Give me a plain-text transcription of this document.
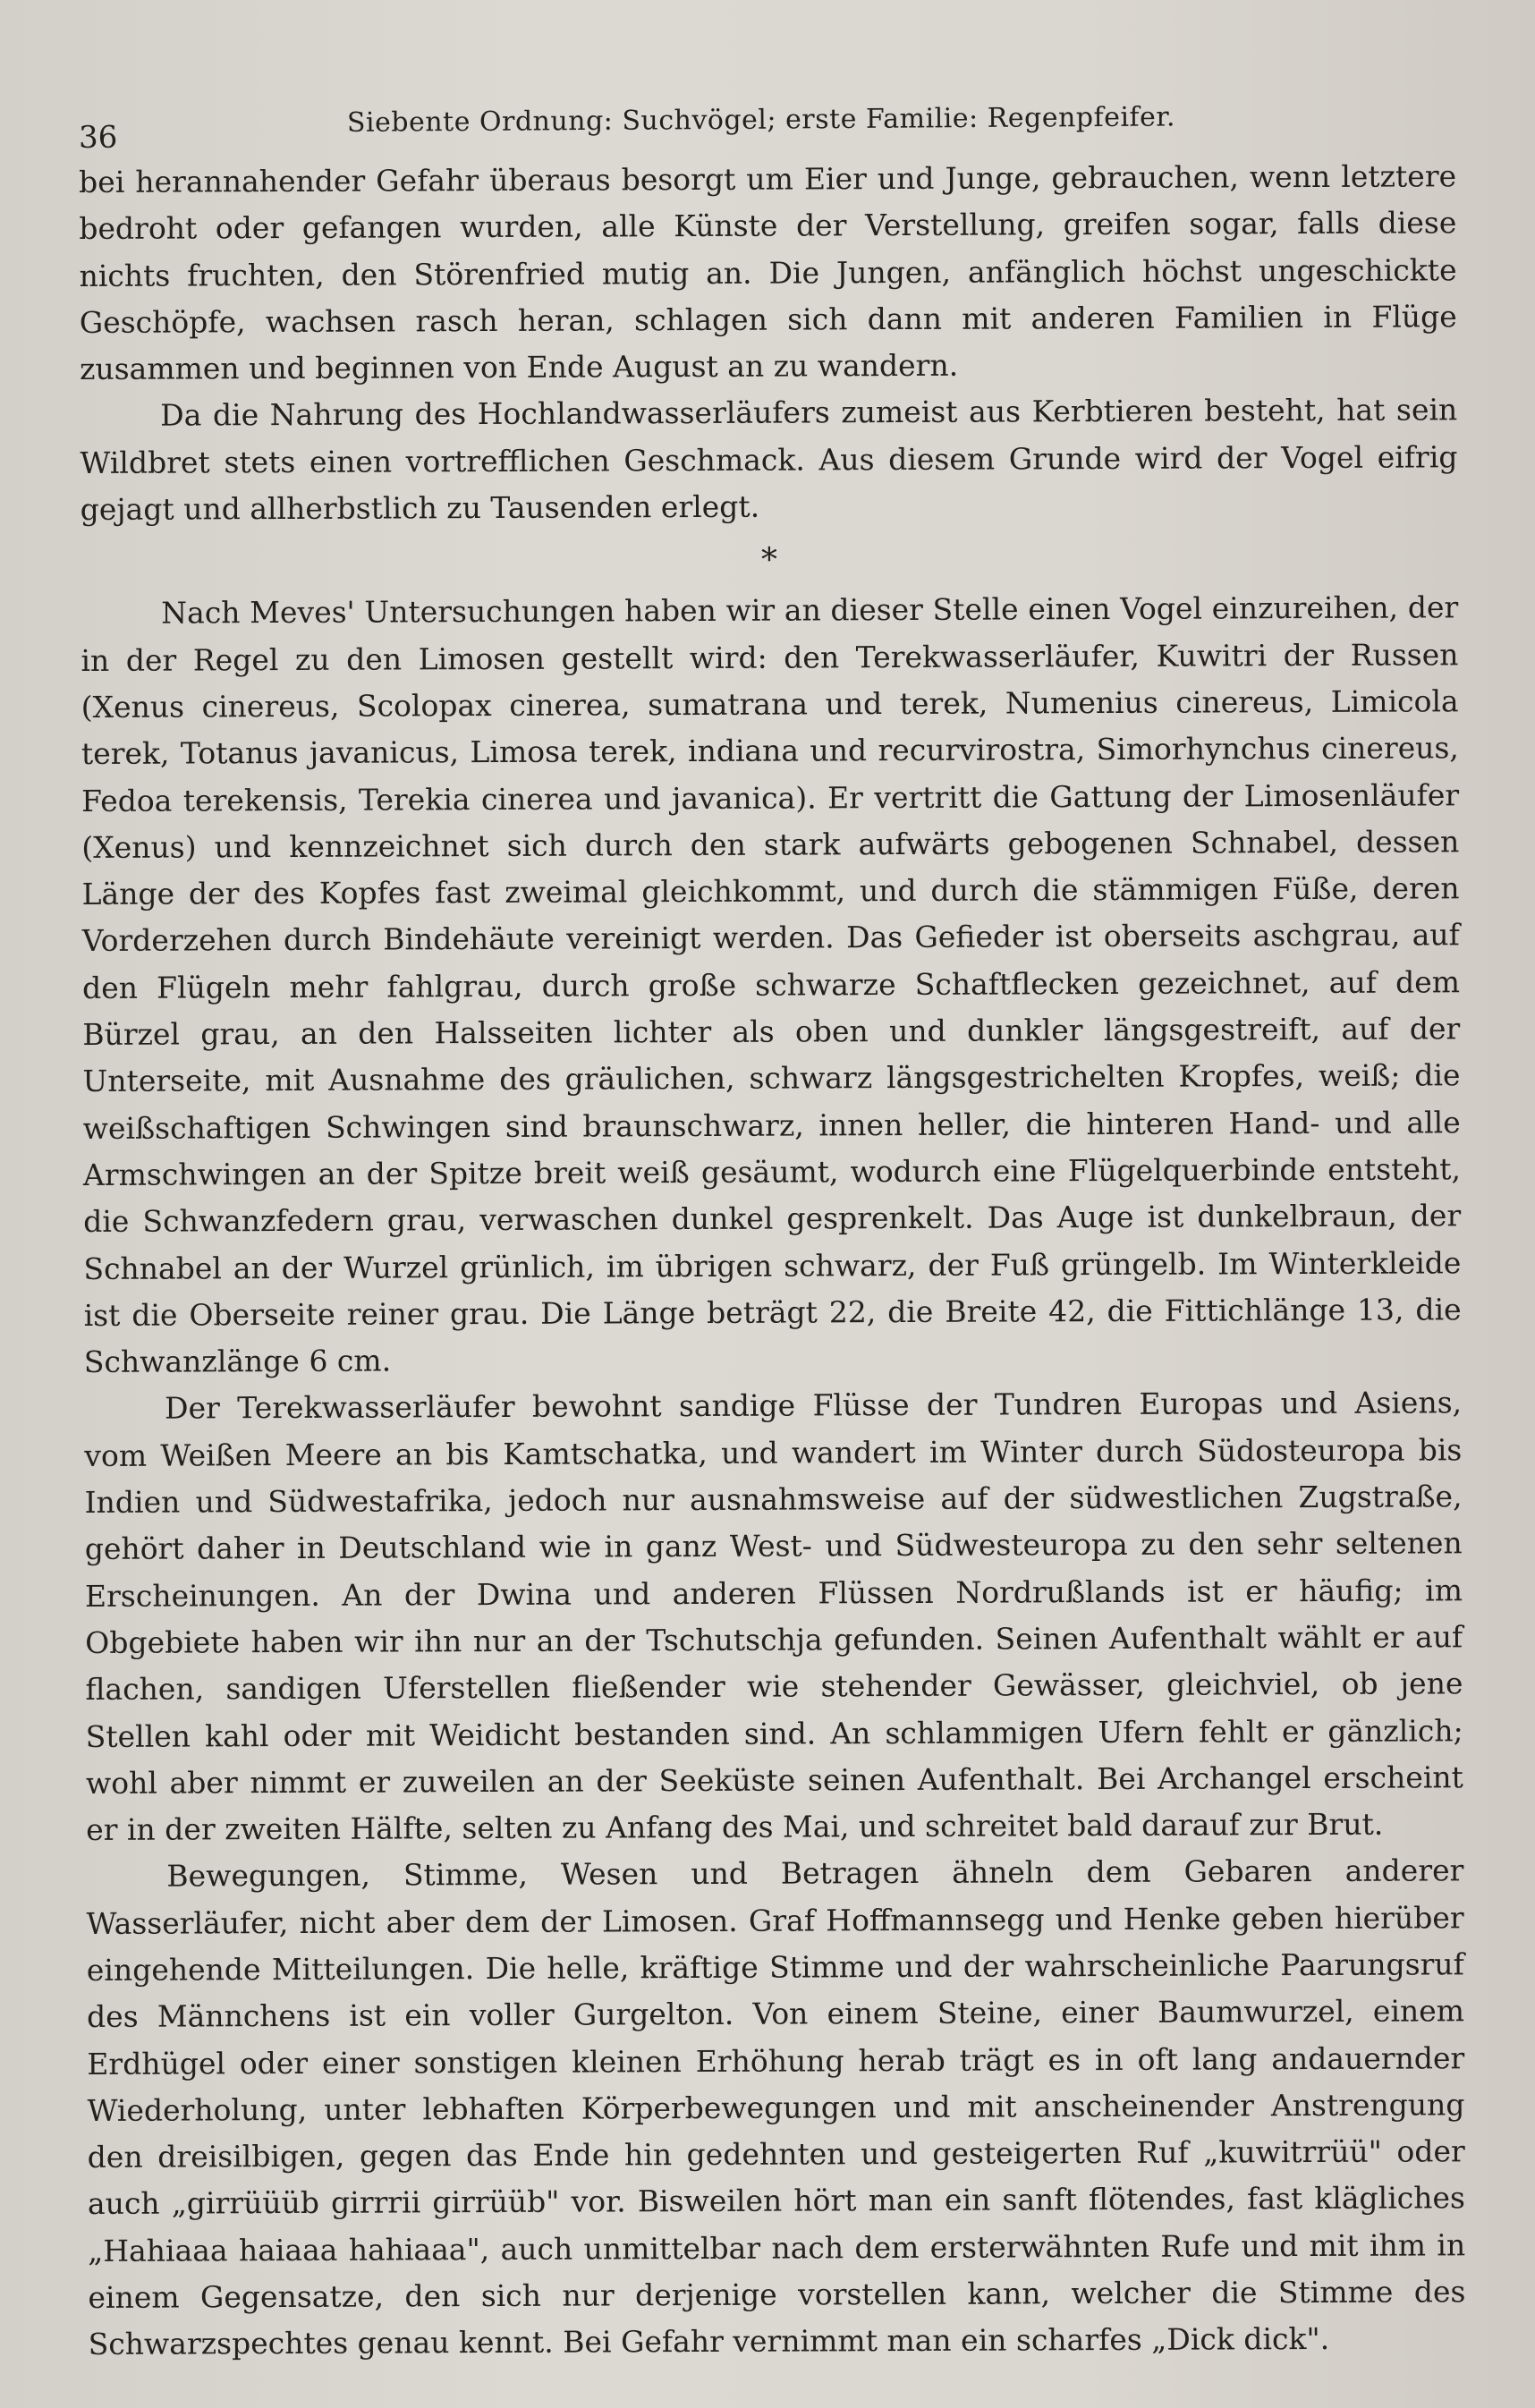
36	Siebente Ordnung: Suchvögel; erste Familie: Regenpfeifer.

bei herannahender Gefahr überaus besorgt um Eier und Junge, gebrauchen, wenn letztere bedroht oder gefangen wurden, alle Künste der Verstellung, greifen sogar, falls diese nichts fruchten, den Störenfried mutig an. Die Jungen, anfänglich höchst ungeschickte Geschöpfe, wachsen rasch heran, schlagen sich dann mit anderen Familien in Flüge zusammen und beginnen von Ende August an zu wandern.

Da die Nahrung des Hochlandwasserläufers zumeist aus Kerbtieren besteht, hat sein Wildbret stets einen vortrefflichen Geschmack. Aus diesem Grunde wird der Vogel eifrig gejagt und allherbstlich zu Tausenden erlegt.

*

Nach Meves' Untersuchungen haben wir an dieser Stelle einen Vogel einzureihen, der in der Regel zu den Limosen gestellt wird: den Terekwasserläufer, Kuwitri der Russen (Xenus cinereus, Scolopax cinerea, sumatrana und terek, Numenius cinereus, Limicola terek, Totanus javanicus, Limosa terek, indiana und recurvirostra, Simorhynchus cinereus, Fedoa terekensis, Terekia cinerea und javanica). Er vertritt die Gattung der Limosenläufer (Xenus) und kennzeichnet sich durch den stark aufwärts gebogenen Schnabel, dessen Länge der des Kopfes fast zweimal gleichkommt, und durch die stämmigen Füße, deren Vorderzehen durch Bindehäute vereinigt werden. Das Gefieder ist oberseits aschgrau, auf den Flügeln mehr fahlgrau, durch große schwarze Schaftflecken gezeichnet, auf dem Bürzel grau, an den Halsseiten lichter als oben und dunkler längsgestreift, auf der Unterseite, mit Ausnahme des gräulichen, schwarz längsgestrichelten Kropfes, weiß; die weißschaftigen Schwingen sind braunschwarz, innen heller, die hinteren Hand- und alle Armschwingen an der Spitze breit weiß gesäumt, wodurch eine Flügelquerbinde entsteht, die Schwanzfedern grau, verwaschen dunkel gesprenkelt. Das Auge ist dunkelbraun, der Schnabel an der Wurzel grünlich, im übrigen schwarz, der Fuß grüngelb. Im Winterkleide ist die Oberseite reiner grau. Die Länge beträgt 22, die Breite 42, die Fittichlänge 13, die Schwanzlänge 6 cm.

Der Terekwasserläufer bewohnt sandige Flüsse der Tundren Europas und Asiens, vom Weißen Meere an bis Kamtschatka, und wandert im Winter durch Südosteuropa bis Indien und Südwestafrika, jedoch nur ausnahmsweise auf der südwestlichen Zugstraße, gehört daher in Deutschland wie in ganz West- und Südwesteuropa zu den sehr seltenen Erscheinungen. An der Dwina und anderen Flüssen Nordrußlands ist er häufig; im Obgebiete haben wir ihn nur an der Tschutschja gefunden. Seinen Aufenthalt wählt er auf flachen, sandigen Uferstellen fließender wie stehender Gewässer, gleichviel, ob jene Stellen kahl oder mit Weidicht bestanden sind. An schlammigen Ufern fehlt er gänzlich; wohl aber nimmt er zuweilen an der Seeküste seinen Aufenthalt. Bei Archangel erscheint er in der zweiten Hälfte, selten zu Anfang des Mai, und schreitet bald darauf zur Brut.

Bewegungen, Stimme, Wesen und Betragen ähneln dem Gebaren anderer Wasserläufer, nicht aber dem der Limosen. Graf Hoffmannsegg und Henke geben hierüber eingehende Mitteilungen. Die helle, kräftige Stimme und der wahrscheinliche Paarungsruf des Männchens ist ein voller Gurgelton. Von einem Steine, einer Baumwurzel, einem Erdhügel oder einer sonstigen kleinen Erhöhung herab trägt es in oft lang andauernder Wiederholung, unter lebhaften Körperbewegungen und mit anscheinender Anstrengung den dreisilbigen, gegen das Ende hin gedehnten und gesteigerten Ruf „kuwitrrüü" oder auch „girrüüüb girrrii girrüüb" vor. Bisweilen hört man ein sanft flötendes, fast klägliches „Hahiaaa haiaaa hahiaaa", auch unmittelbar nach dem ersterwähnten Rufe und mit ihm in einem Gegensatze, den sich nur derjenige vorstellen kann, welcher die Stimme des Schwarzspechtes genau kennt. Bei Gefahr vernimmt man ein scharfes „Dick dick".
